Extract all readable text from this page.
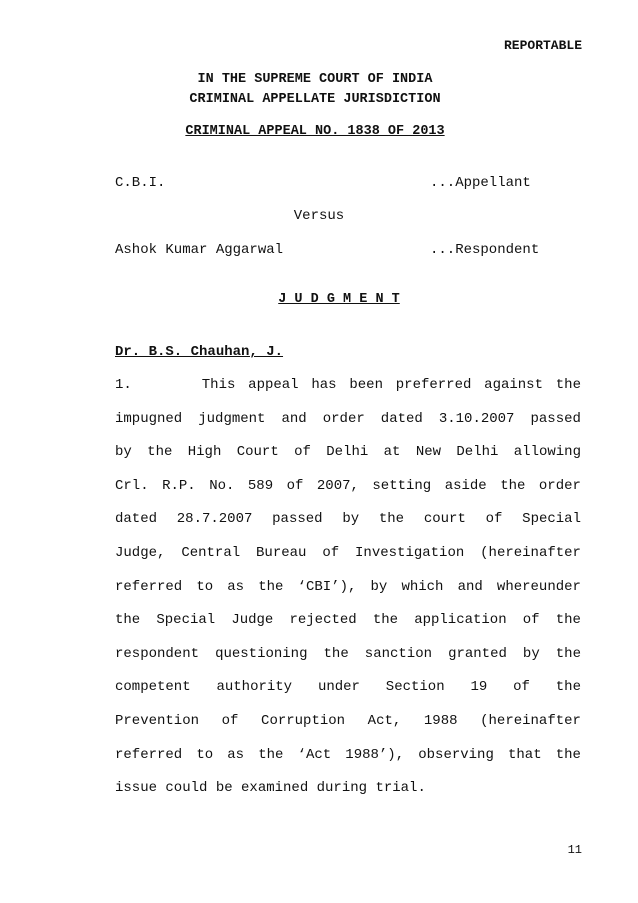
REPORTABLE
IN THE SUPREME COURT OF INDIA
CRIMINAL APPELLATE JURISDICTION
CRIMINAL APPEAL NO. 1838 OF 2013
C.B.I.	...Appellant
Versus
Ashok Kumar Aggarwal	...Respondent
J U D G M E N T
Dr. B.S. Chauhan, J.
1.	This appeal has been preferred against the
impugned judgment and order dated 3.10.2007 passed
by the High Court of Delhi at New Delhi allowing
Crl. R.P. No. 589 of 2007, setting aside the order
dated 28.7.2007 passed by the court of Special
Judge, Central Bureau of Investigation (hereinafter
referred to as the ‘CBI’), by which and whereunder
the Special Judge rejected the application of the
respondent questioning the sanction granted by the
competent authority under Section 19 of the
Prevention of Corruption Act, 1988 (hereinafter
referred to as the ‘Act 1988’), observing that the
issue could be examined during trial.
11
